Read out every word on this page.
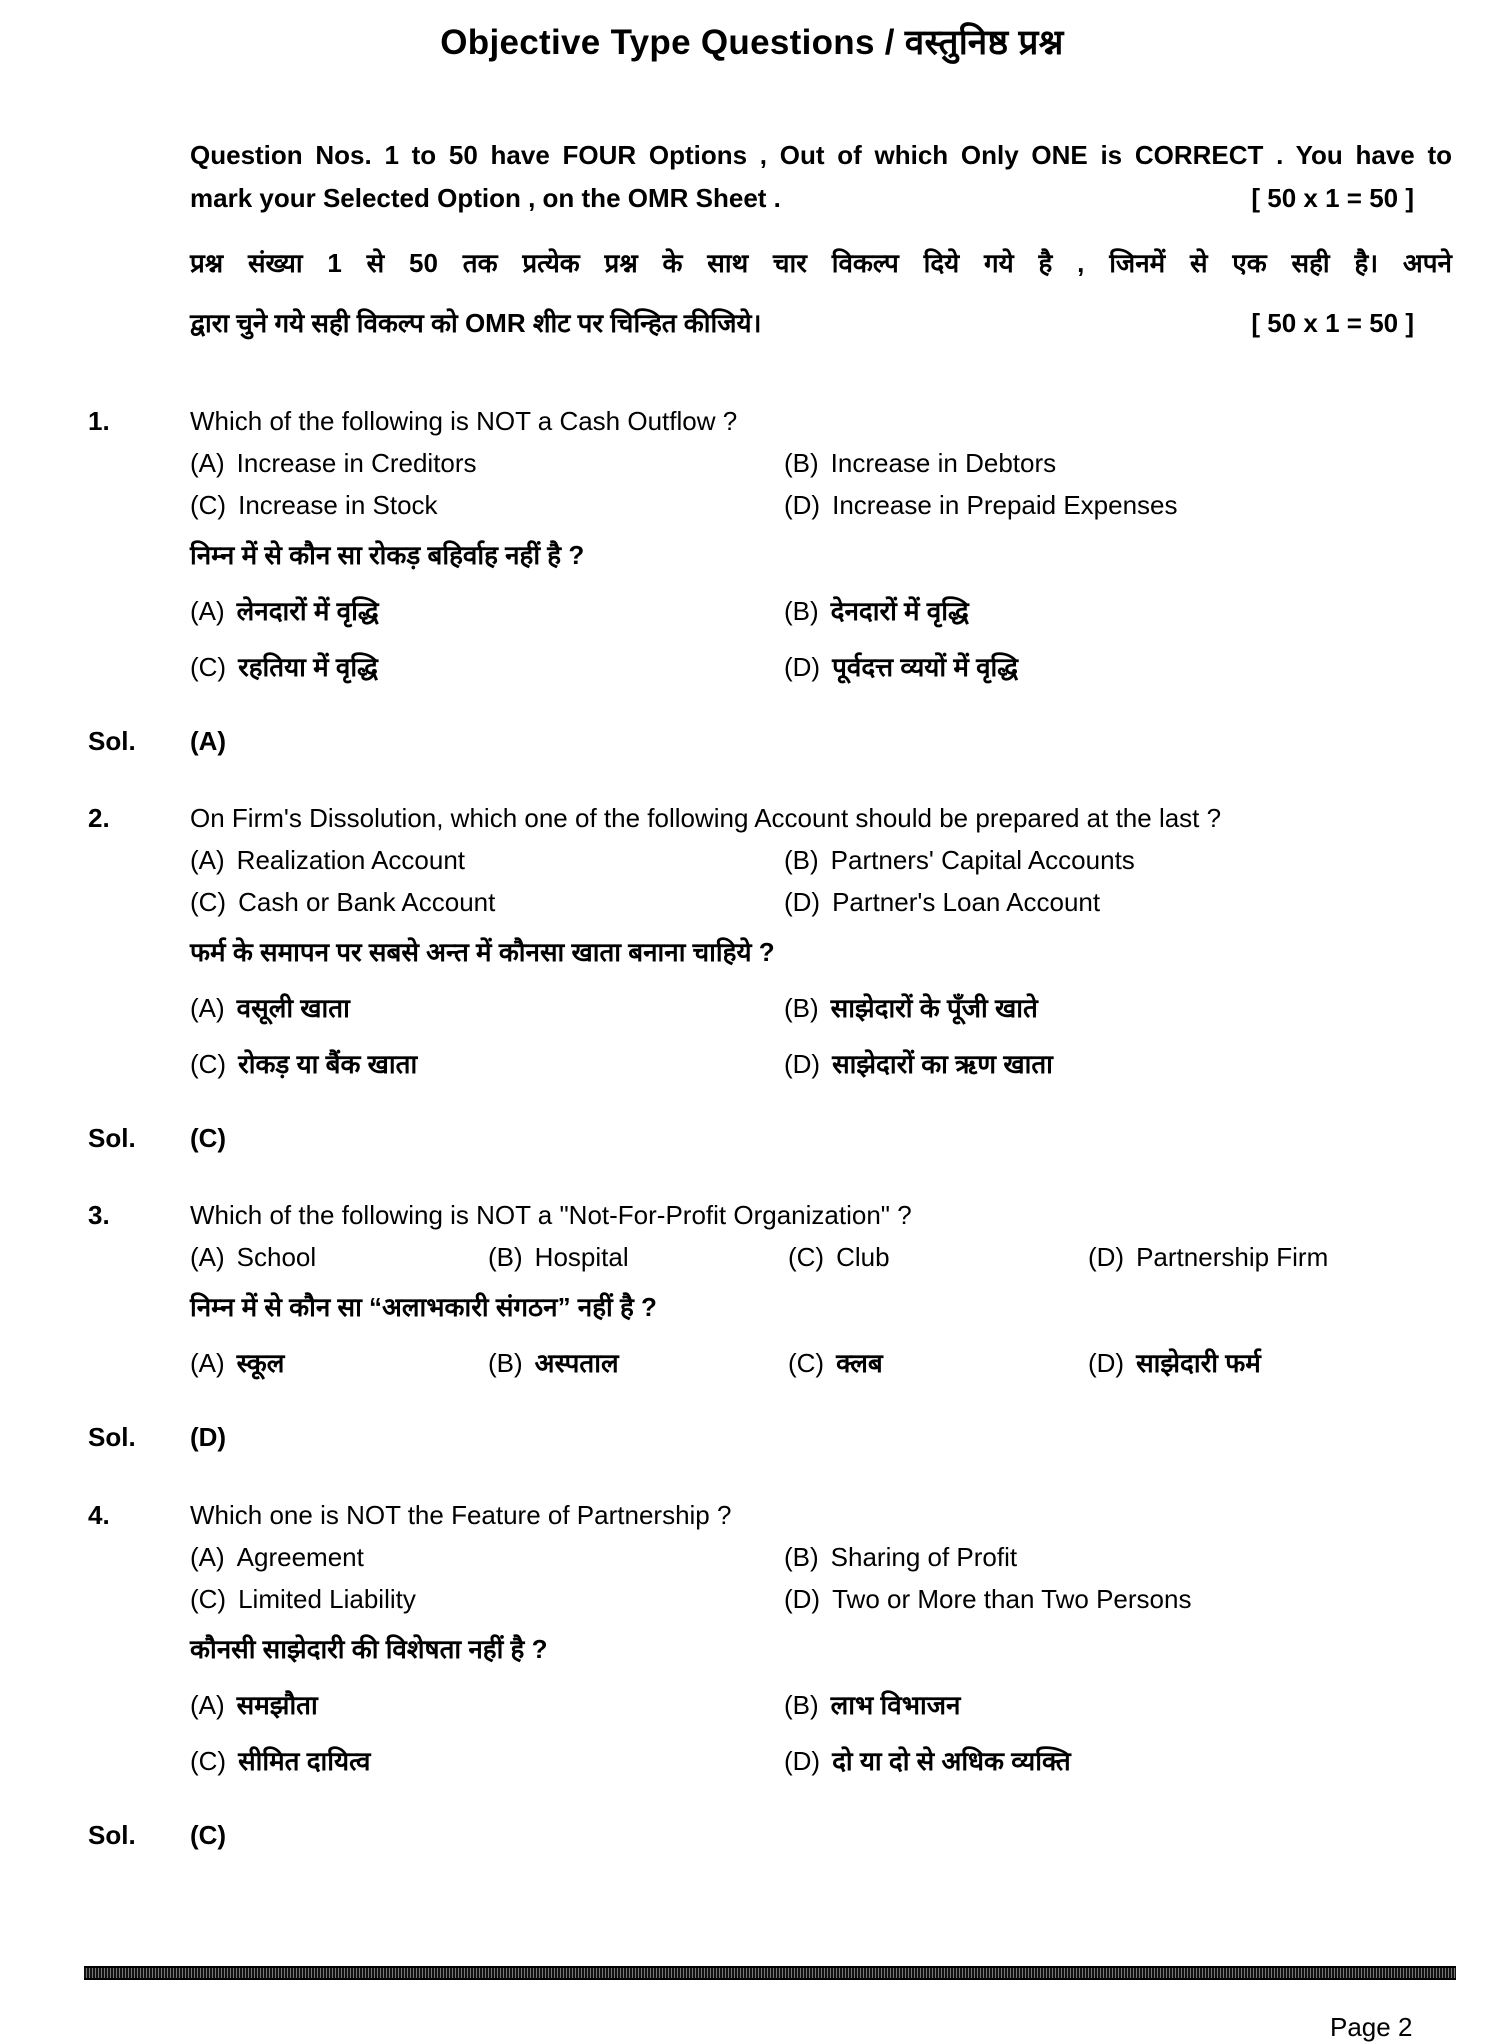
Objective Type Questions / वस्तुनिष्ठ प्रश्न
Question Nos. 1 to 50 have FOUR Options , Out of which Only ONE is CORRECT . You have to
mark your Selected Option , on the OMR Sheet .	[ 50 x 1 = 50 ]
प्रश्न संख्या 1 से 50 तक प्रत्येक प्रश्न के साथ चार विकल्प दिये गये है , जिनमें से एक सही है। अपने
द्वारा चुने गये सही विकल्प को OMR शीट पर चिन्हित कीजिये।	[ 50 x 1 = 50 ]
1.	Which of the following is NOT a Cash Outflow ?
(A) Increase in Creditors	(B) Increase in Debtors
(C) Increase in Stock	(D) Increase in Prepaid Expenses
निम्न में से कौन सा रोकड़ बहिर्वाह नहीं है ?
(A) लेनदारों में वृद्धि	(B) देनदारों में वृद्धि
(C) रहतिया में वृद्धि	(D) पूर्वदत्त व्ययों में वृद्धि
Sol. (A)
2.	On Firm's Dissolution, which one of the following Account should be prepared at the last ?
(A) Realization Account	(B) Partners' Capital Accounts
(C) Cash or Bank Account	(D) Partner's Loan Account
फर्म के समापन पर सबसे अन्त में कौनसा खाता बनाना चाहिये ?
(A) वसूली खाता	(B) साझेदारों के पूँजी खाते
(C) रोकड़ या बैंक खाता	(D) साझेदारों का ऋण खाता
Sol. (C)
3.	Which of the following is NOT a "Not-For-Profit Organization" ?
(A) School	(B) Hospital	(C) Club	(D) Partnership Firm
निम्न में से कौन सा “अलाभकारी संगठन” नहीं है ?
(A) स्कूल	(B) अस्पताल	(C) क्लब	(D) साझेदारी फर्म
Sol. (D)
4.	Which one is NOT the Feature of Partnership ?
(A) Agreement	(B) Sharing of Profit
(C) Limited Liability	(D) Two or More than Two Persons
कौनसी साझेदारी की विशेषता नहीं है ?
(A) समझौता	(B) लाभ विभाजन
(C) सीमित दायित्व	(D) दो या दो से अधिक व्यक्ति
Sol. (C)
Page 2
